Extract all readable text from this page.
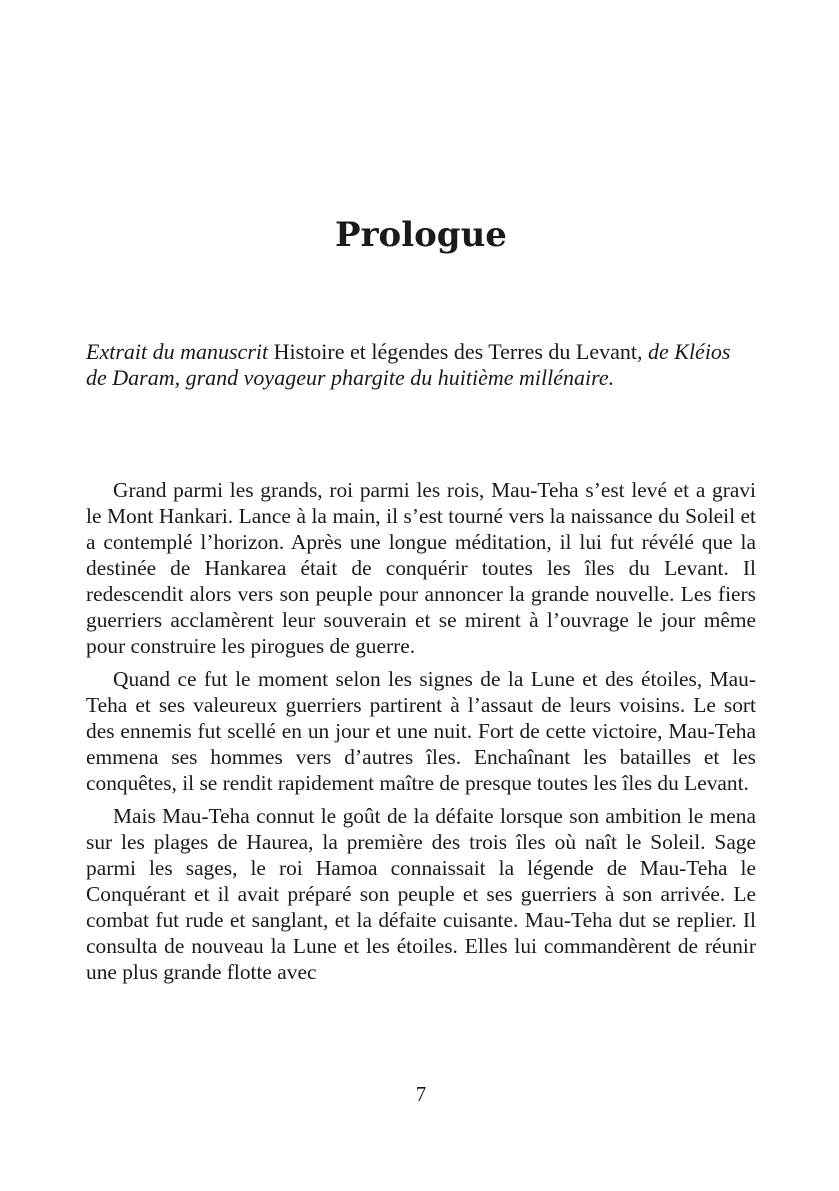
Prologue

Extrait du manuscrit Histoire et légendes des Terres du Levant, de Kléios de Daram, grand voyageur phargite du huitième millénaire.

Grand parmi les grands, roi parmi les rois, Mau-Teha s’est levé et a gravi le Mont Hankari. Lance à la main, il s’est tourné vers la naissance du Soleil et a contemplé l’horizon. Après une longue méditation, il lui fut révélé que la destinée de Hankarea était de conquérir toutes les îles du Levant. Il redescendit alors vers son peuple pour annoncer la grande nouvelle. Les fiers guerriers acclamèrent leur souverain et se mirent à l’ouvrage le jour même pour construire les pirogues de guerre.

Quand ce fut le moment selon les signes de la Lune et des étoiles, Mau-Teha et ses valeureux guerriers partirent à l’assaut de leurs voisins. Le sort des ennemis fut scellé en un jour et une nuit. Fort de cette victoire, Mau-Teha emmena ses hommes vers d’autres îles. Enchaînant les batailles et les conquêtes, il se rendit rapidement maître de presque toutes les îles du Levant.

Mais Mau-Teha connut le goût de la défaite lorsque son ambition le mena sur les plages de Haurea, la première des trois îles où naît le Soleil. Sage parmi les sages, le roi Hamoa connaissait la légende de Mau-Teha le Conquérant et il avait préparé son peuple et ses guerriers à son arrivée. Le combat fut rude et sanglant, et la défaite cuisante. Mau-Teha dut se replier. Il consulta de nouveau la Lune et les étoiles. Elles lui commandèrent de réunir une plus grande flotte avec

7
